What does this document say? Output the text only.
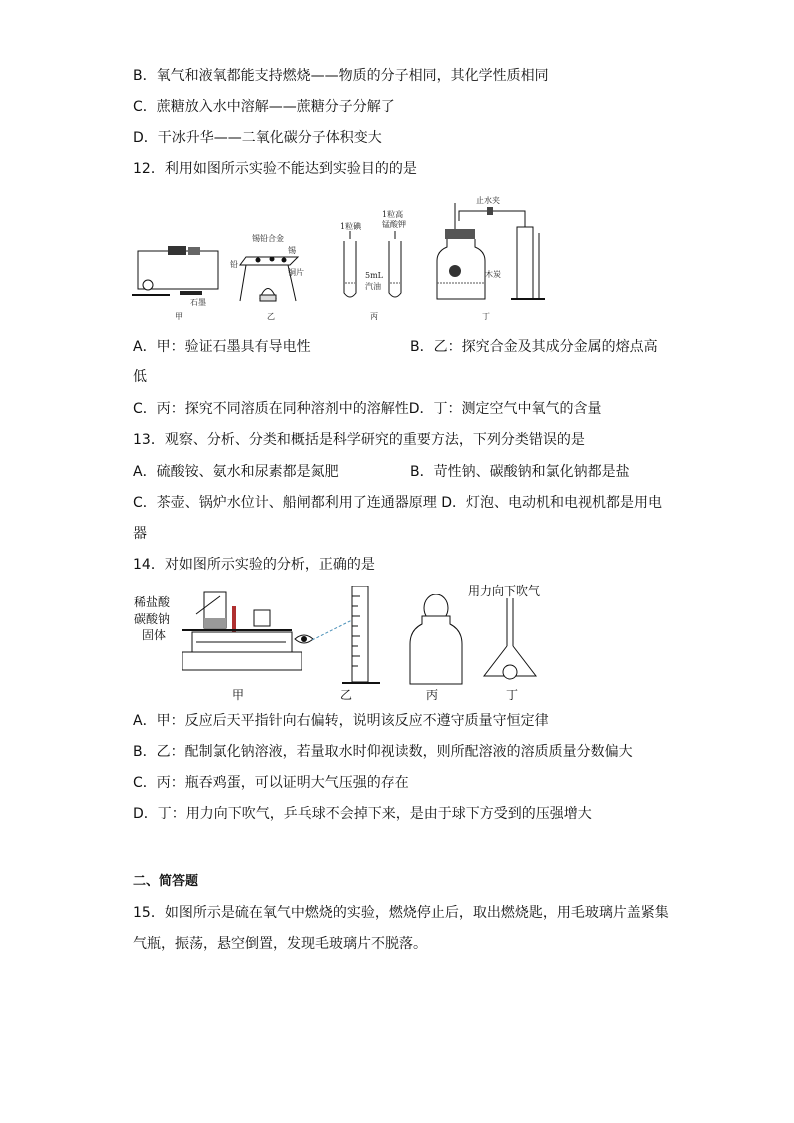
B．氧气和液氧都能支持燃烧——物质的分子相同，其化学性质相同
C．蔗糖放入水中溶解——蔗糖分子分解了
D．干冰升华——二氧化碳分子体积变大
12．利用如图所示实验不能达到实验目的的是
石墨
甲
锡铅合金
锡
铅
铜片
乙
1粒碘
1粒高
锰酸钾
5mL
汽油
丙
止水夹
木炭
丁
A．甲：验证石墨具有导电性	B．乙：探究合金及其成分金属的熔点高
低
C．丙：探究不同溶质在同种溶剂中的溶解性D．丁：测定空气中氧气的含量
13．观察、分析、分类和概括是科学研究的重要方法，下列分类错误的是
A．硫酸铵、氨水和尿素都是氮肥	B．苛性钠、碳酸钠和氯化钠都是盐
C．茶壶、锅炉水位计、船闸都利用了连通器原理 D．灯泡、电动机和电视机都是用电
器
14．对如图所示实验的分析，正确的是
稀盐酸
碳酸钠
固体
甲	乙	丙
用力向下吹气
丁
A．甲：反应后天平指针向右偏转，说明该反应不遵守质量守恒定律
B．乙：配制氯化钠溶液，若量取水时仰视读数，则所配溶液的溶质质量分数偏大
C．丙：瓶吞鸡蛋，可以证明大气压强的存在
D．丁：用力向下吹气，乒乓球不会掉下来，是由于球下方受到的压强增大
二、简答题
15．如图所示是硫在氧气中燃烧的实验，燃烧停止后，取出燃烧匙，用毛玻璃片盖紧集
气瓶，振荡，悬空倒置，发现毛玻璃片不脱落。
